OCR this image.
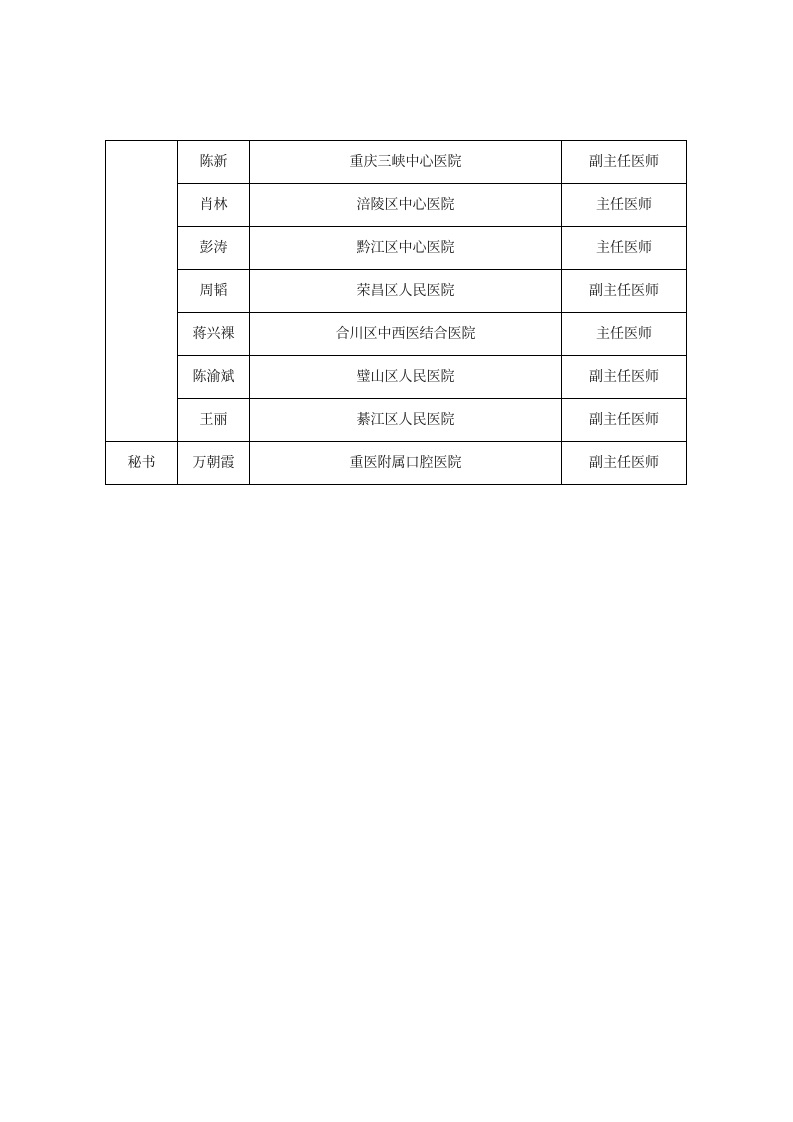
	陈新	重庆三峡中心医院	副主任医师
	肖林	涪陵区中心医院	主任医师
	彭涛	黔江区中心医院	主任医师
	周韬	荣昌区人民医院	副主任医师
	蒋兴裸	合川区中西医结合医院	主任医师
	陈渝斌	璧山区人民医院	副主任医师
	王丽	綦江区人民医院	副主任医师
秘书	万朝霞	重医附属口腔医院	副主任医师
